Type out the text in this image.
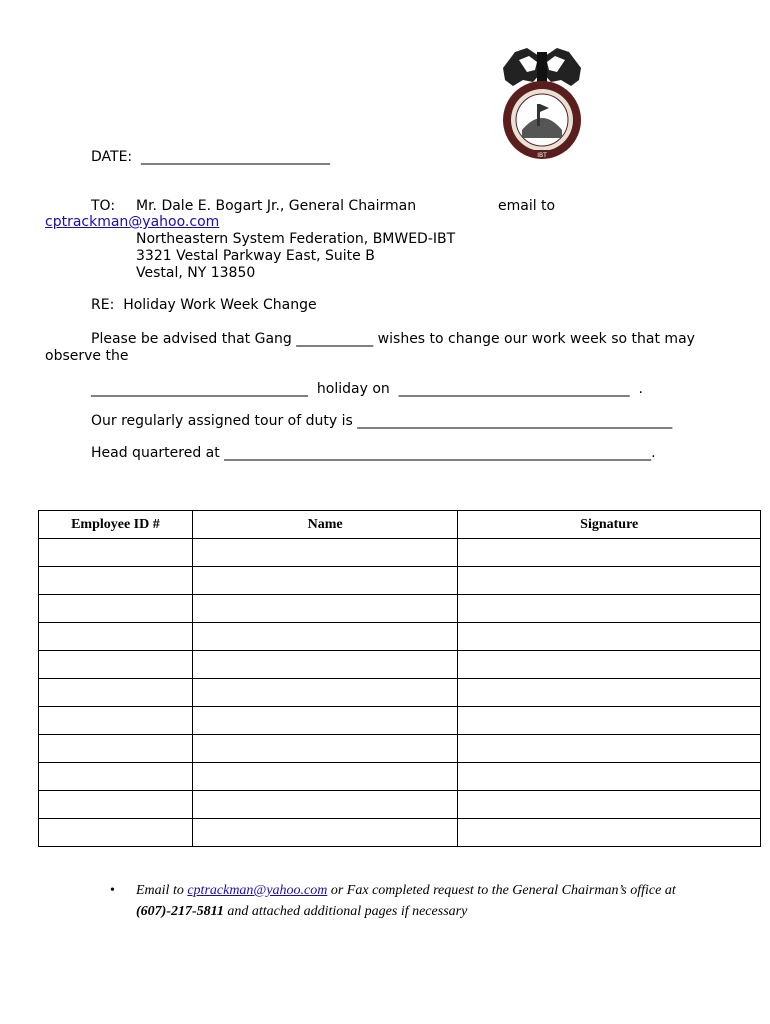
IBT
DATE:  ___________________________
TO: Mr. Dale E. Bogart Jr., General Chairman	email to
cptrackman@yahoo.com
Northeastern System Federation, BMWED-IBT
3321 Vestal Parkway East, Suite B
Vestal, NY 13850
RE:  Holiday Work Week Change
Please be advised that Gang ___________ wishes to change our work week so that may
observe the
_______________________________  holiday on  _________________________________  .
Our regularly assigned tour of duty is _____________________________________________
Head quartered at _____________________________________________________________.
Employee ID #	Name	Signature

• Email to cptrackman@yahoo.com or Fax completed request to the General Chairman’s office at
(607)-217-5811 and attached additional pages if necessary
